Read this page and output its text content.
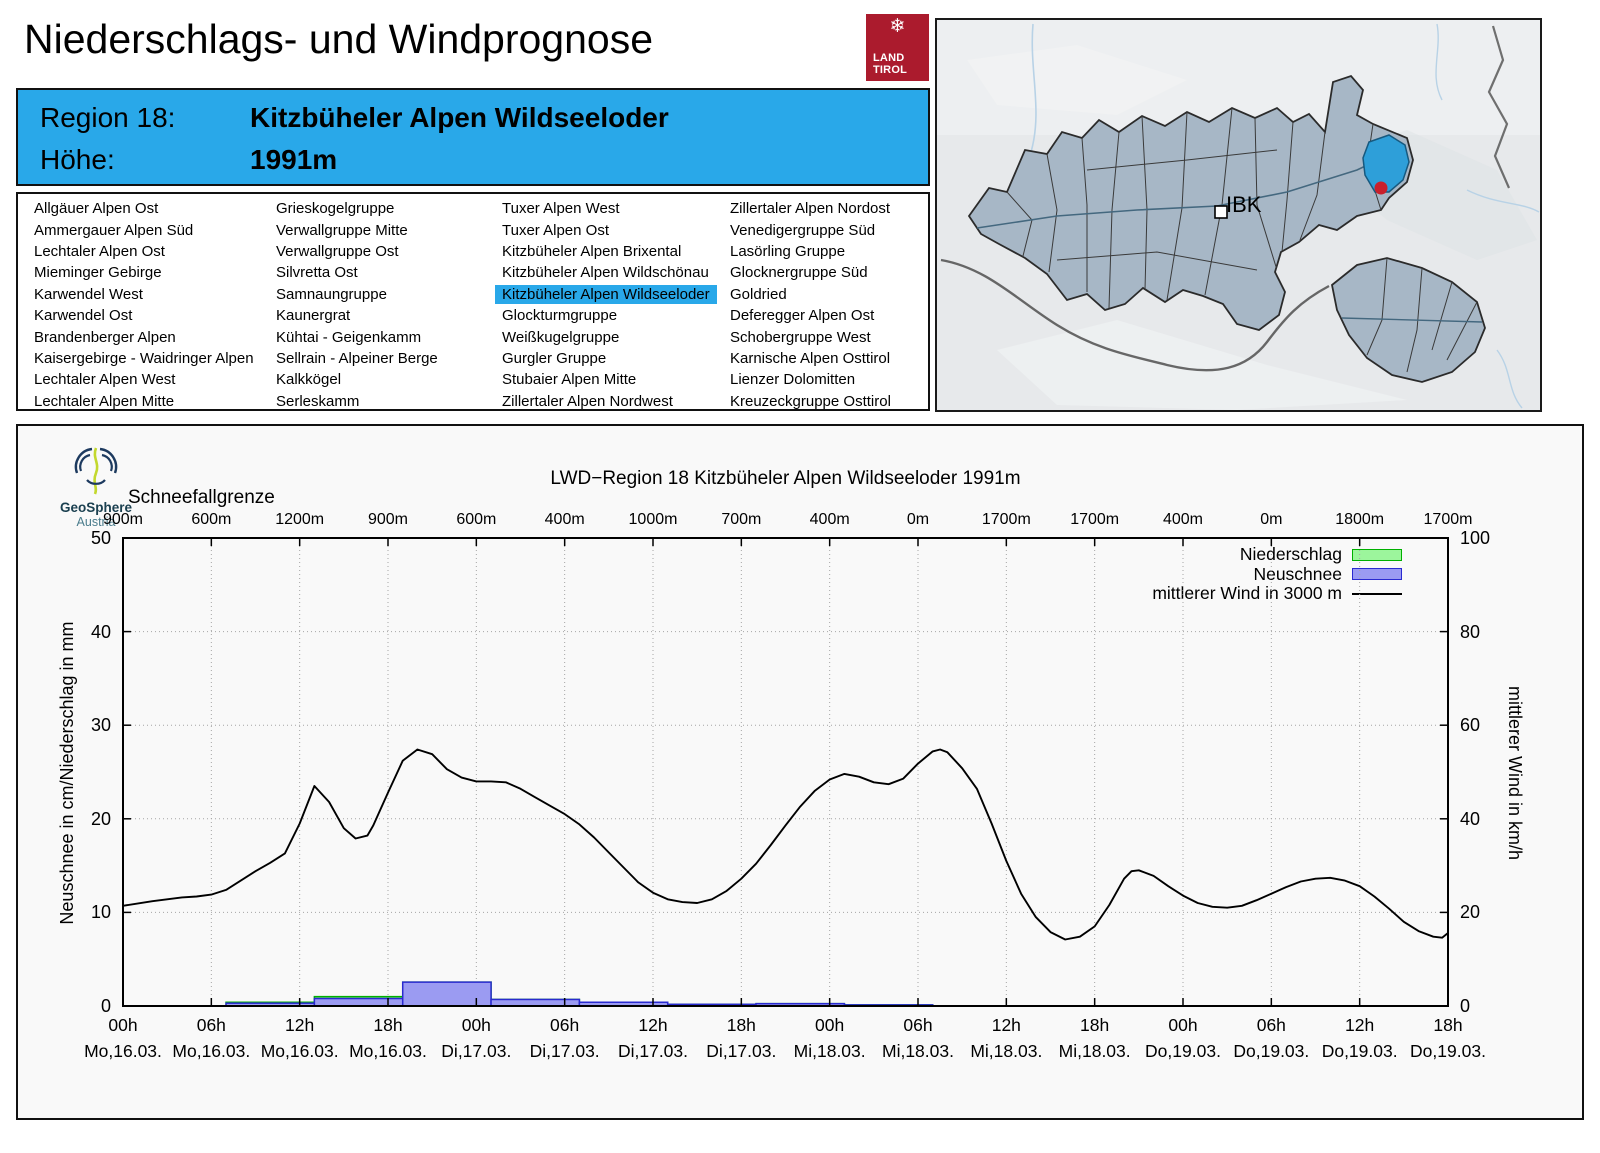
Niederschlags- und Windprognose	❄
LAND
TIROL
IBK
Region 18:	Kitzbüheler Alpen Wildseeloder
Höhe:	1991m
Allgäuer Alpen Ost
Ammergauer Alpen Süd
Lechtaler Alpen Ost
Mieminger Gebirge
Karwendel West
Karwendel Ost
Brandenberger Alpen
Kaisergebirge - Waidringer Alpen
Lechtaler Alpen West
Lechtaler Alpen Mitte
Grieskogelgruppe
Verwallgruppe Mitte
Verwallgruppe Ost
Silvretta Ost
Samnaungruppe
Kaunergrat
Kühtai - Geigenkamm
Sellrain - Alpeiner Berge
Kalkkögel
Serleskamm
Tuxer Alpen West
Tuxer Alpen Ost
Kitzbüheler Alpen Brixental
Kitzbüheler Alpen Wildschönau
Kitzbüheler Alpen Wildseeloder
Glockturmgruppe
Weißkugelgruppe
Gurgler Gruppe
Stubaier Alpen Mitte
Zillertaler Alpen Nordwest
Zillertaler Alpen Nordost
Venedigergruppe Süd
Lasörling Gruppe
Glocknergruppe Süd
Goldried
Deferegger Alpen Ost
Schobergruppe West
Karnische Alpen Osttirol
Lienzer Dolomitten
Kreuzeckgruppe Osttirol
GeoSphere
Austria
LWD−Region 18 Kitzbüheler Alpen Wildseeloder 1991m
Schneefallgrenze
Neuschnee in cm/Niederschlag in mm	mittlerer Wind in km/h
Niederschlag
Neuschnee
mittlerer Wind in 3000 m
900m	600m	1200m	900m	600m	400m	1000m	700m	400m	0m	1700m	1700m	400m	0m	1800m	1700m
00h	06h	12h	18h	00h	06h	12h	18h	00h	06h	12h	18h	00h	06h	12h	18h
Mo,16.03. Mo,16.03. Mo,16.03. Mo,16.03. Di,17.03.	Di,17.03.	Di,17.03.	Di,17.03. Mi,18.03. Mi,18.03. Mi,18.03. Mi,18.03. Do,19.03. Do,19.03. Do,19.03. Do,19.03.
0
10
20
30
40
50
0
20
40
60
80
100
